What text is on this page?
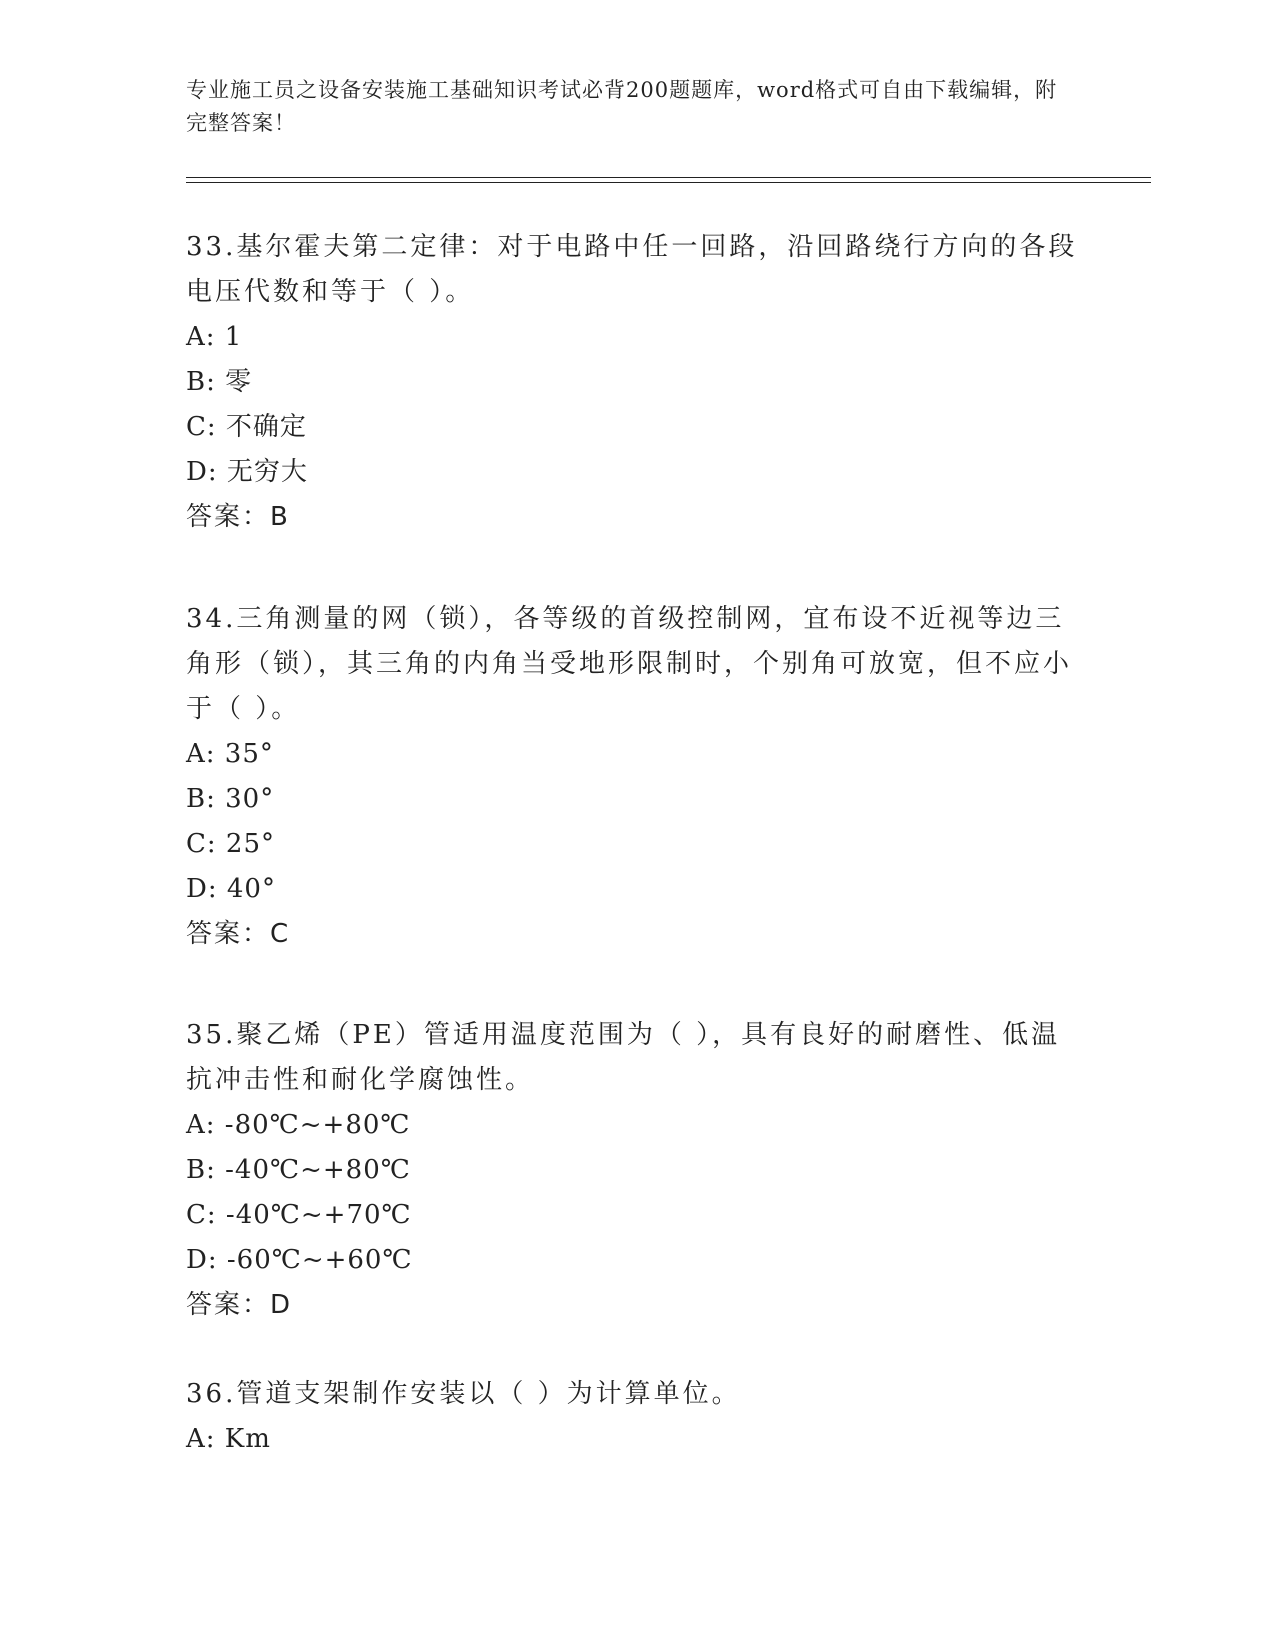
专业施工员之设备安装施工基础知识考试必背200题题库，word格式可自由下载编辑，附完整答案！

33.基尔霍夫第二定律：对于电路中任一回路，沿回路绕行方向的各段电压代数和等于（ ）。

A: 1
B: 零
C: 不确定
D: 无穷大
答案：B

34.三角测量的网（锁），各等级的首级控制网，宜布设不近视等边三角形（锁），其三角的内角当受地形限制时，个别角可放宽，但不应小于（ ）。

A: 35°
B: 30°
C: 25°
D: 40°
答案：C

35.聚乙烯（PE）管适用温度范围为（ ），具有良好的耐磨性、低温抗冲击性和耐化学腐蚀性。

A: -80℃~+80℃
B: -40℃~+80℃
C: -40℃~+70℃
D: -60℃~+60℃
答案：D

36.管道支架制作安装以（ ）为计算单位。

A: Km
